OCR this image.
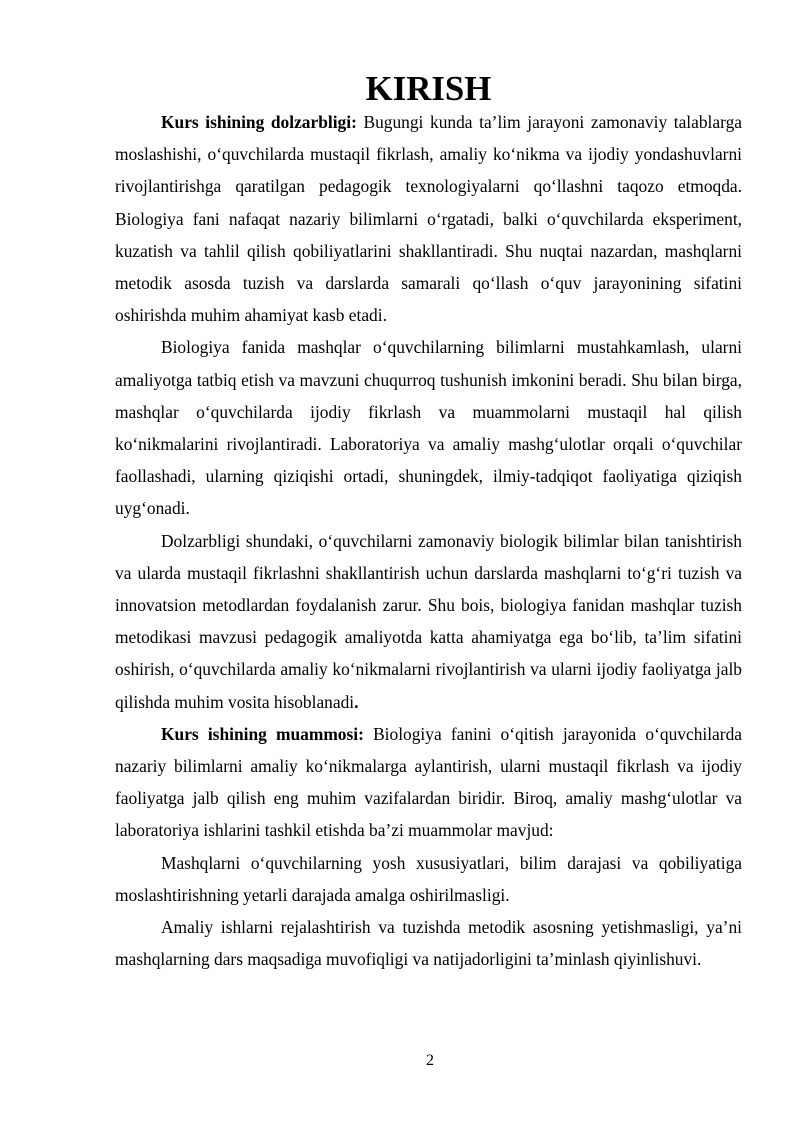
KIRISH

Kurs ishining dolzarbligi: Bugungi kunda ta’lim jarayoni zamonaviy talablarga moslashishi, o‘quvchilarda mustaqil fikrlash, amaliy ko‘nikma va ijodiy yondashuvlarni rivojlantirishga qaratilgan pedagogik texnologiyalarni qo‘llashni taqozo etmoqda. Biologiya fani nafaqat nazariy bilimlarni o‘rgatadi, balki o‘quvchilarda eksperiment, kuzatish va tahlil qilish qobiliyatlarini shakllantiradi. Shu nuqtai nazardan, mashqlarni metodik asosda tuzish va darslarda samarali qo‘llash o‘quv jarayonining sifatini oshirishda muhim ahamiyat kasb etadi.

Biologiya fanida mashqlar o‘quvchilarning bilimlarni mustahkamlash, ularni amaliyotga tatbiq etish va mavzuni chuqurroq tushunish imkonini beradi. Shu bilan birga, mashqlar o‘quvchilarda ijodiy fikrlash va muammolarni mustaqil hal qilish ko‘nikmalarini rivojlantiradi. Laboratoriya va amaliy mashg‘ulotlar orqali o‘quvchilar faollashadi, ularning qiziqishi ortadi, shuningdek, ilmiy-tadqiqot faoliyatiga qiziqish uyg‘onadi.

Dolzarbligi shundaki, o‘quvchilarni zamonaviy biologik bilimlar bilan tanishtirish va ularda mustaqil fikrlashni shakllantirish uchun darslarda mashqlarni to‘g‘ri tuzish va innovatsion metodlardan foydalanish zarur. Shu bois, biologiya fanidan mashqlar tuzish metodikasi mavzusi pedagogik amaliyotda katta ahamiyatga ega bo‘lib, ta’lim sifatini oshirish, o‘quvchilarda amaliy ko‘nikmalarni rivojlantirish va ularni ijodiy faoliyatga jalb qilishda muhim vosita hisoblanadi.

Kurs ishining muammosi: Biologiya fanini o‘qitish jarayonida o‘quvchilarda nazariy bilimlarni amaliy ko‘nikmalarga aylantirish, ularni mustaqil fikrlash va ijodiy faoliyatga jalb qilish eng muhim vazifalardan biridir. Biroq, amaliy mashg‘ulotlar va laboratoriya ishlarini tashkil etishda ba’zi muammolar mavjud:

Mashqlarni o‘quvchilarning yosh xususiyatlari, bilim darajasi va qobiliyatiga moslashtirishning yetarli darajada amalga oshirilmasligi.

Amaliy ishlarni rejalashtirish va tuzishda metodik asosning yetishmasligi, ya’ni mashqlarning dars maqsadiga muvofiqligi va natijadorligini ta’minlash qiyinlishuvi.

2
